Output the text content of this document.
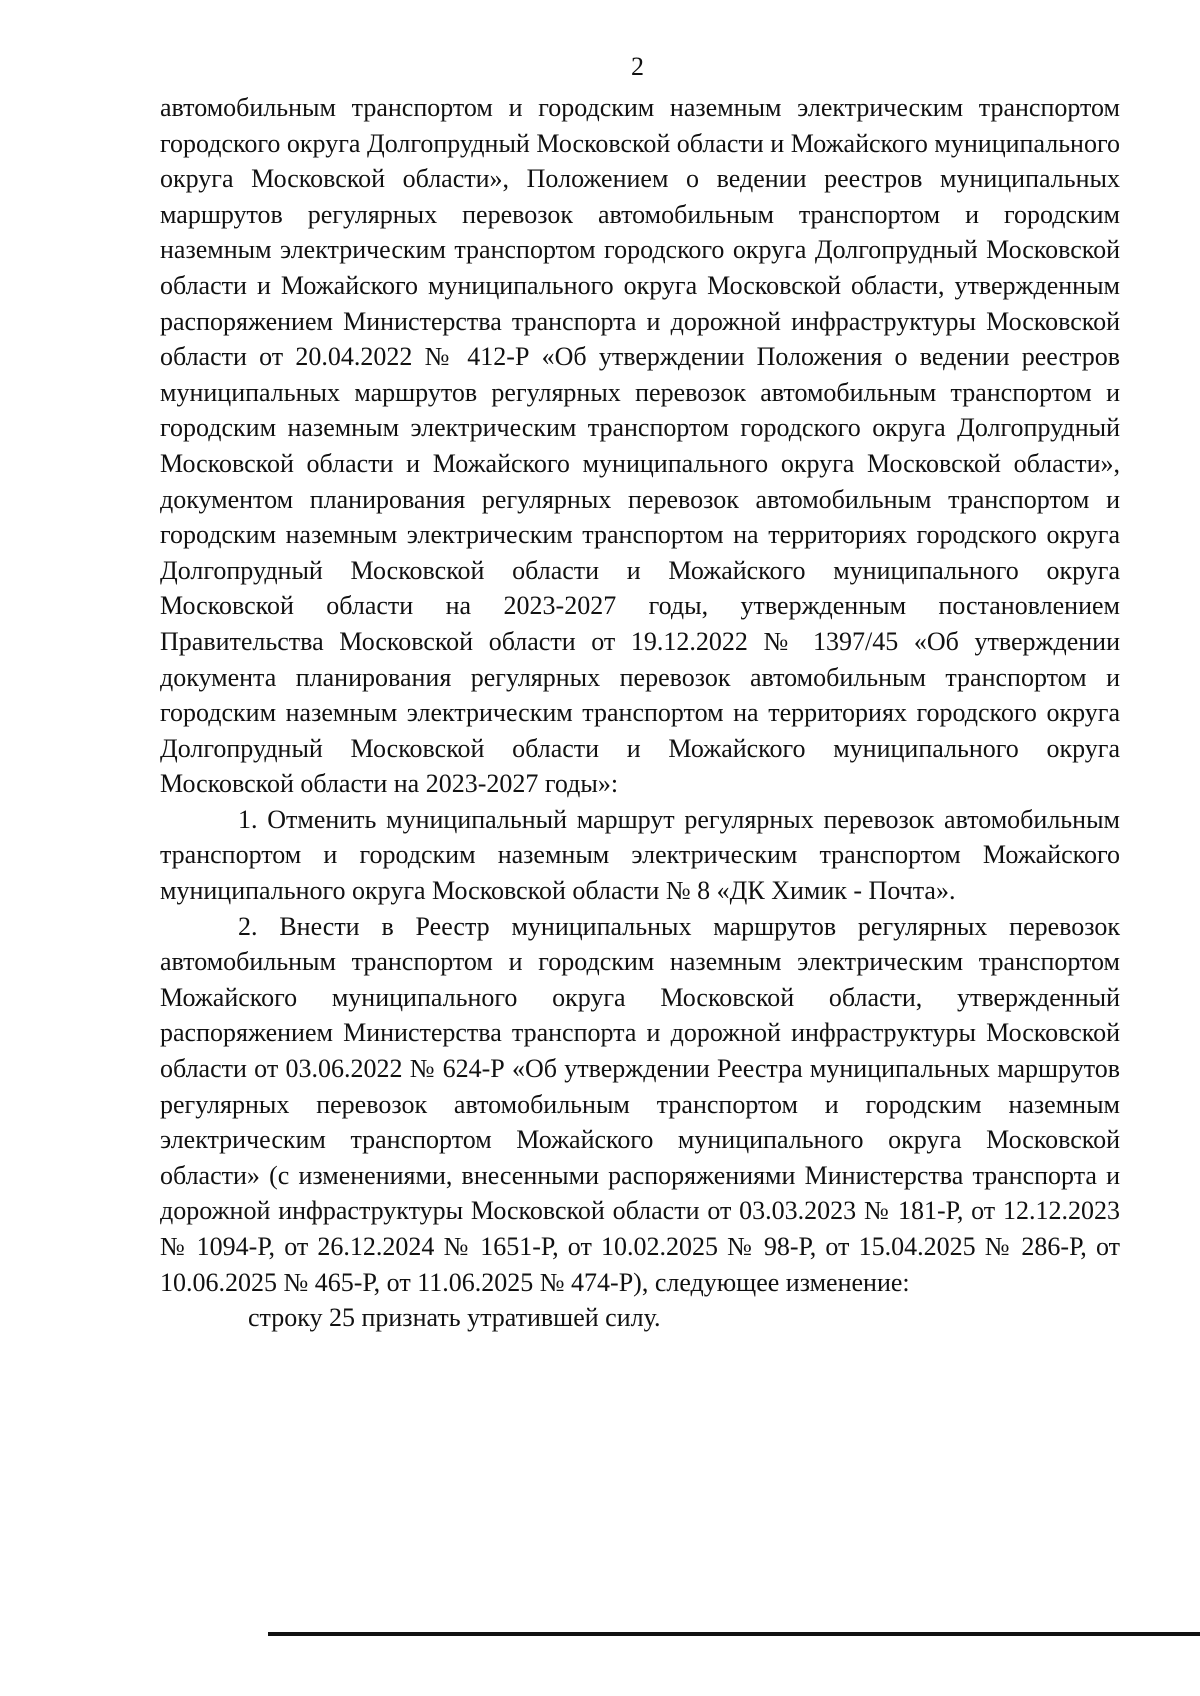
2

автомобильным транспортом и городским наземным электрическим транспортом городского округа Долгопрудный Московской области и Можайского муниципального округа Московской области», Положением о ведении реестров муниципальных маршрутов регулярных перевозок автомобильным транспортом и городским наземным электрическим транспортом городского округа Долгопрудный Московской области и Можайского муниципального округа Московской области, утвержденным распоряжением Министерства транспорта и дорожной инфраструктуры Московской области от 20.04.2022 № 412-Р «Об утверждении Положения о ведении реестров муниципальных маршрутов регулярных перевозок автомобильным транспортом и городским наземным электрическим транспортом городского округа Долгопрудный Московской области и Можайского муниципального округа Московской области», документом планирования регулярных перевозок автомобильным транспортом и городским наземным электрическим транспортом на территориях городского округа Долгопрудный Московской области и Можайского муниципального округа Московской области на 2023-2027 годы, утвержденным постановлением Правительства Московской области от 19.12.2022 № 1397/45 «Об утверждении документа планирования регулярных перевозок автомобильным транспортом и городским наземным электрическим транспортом на территориях городского округа Долгопрудный Московской области и Можайского муниципального округа Московской области на 2023-2027 годы»:

1. Отменить муниципальный маршрут регулярных перевозок автомобильным транспортом и городским наземным электрическим транспортом Можайского муниципального округа Московской области № 8 «ДК Химик - Почта».

2. Внести в Реестр муниципальных маршрутов регулярных перевозок автомобильным транспортом и городским наземным электрическим транспортом Можайского муниципального округа Московской области, утвержденный распоряжением Министерства транспорта и дорожной инфраструктуры Московской области от 03.06.2022 № 624-Р «Об утверждении Реестра муниципальных маршрутов регулярных перевозок автомобильным транспортом и городским наземным электрическим транспортом Можайского муниципального округа Московской области» (с изменениями, внесенными распоряжениями Министерства транспорта и дорожной инфраструктуры Московской области от 03.03.2023 № 181-Р, от 12.12.2023 № 1094-Р, от 26.12.2024 № 1651-Р, от 10.02.2025 № 98-Р, от 15.04.2025 № 286-Р, от 10.06.2025 № 465-Р, от 11.06.2025 № 474-Р), следующее изменение:

строку 25 признать утратившей силу.
